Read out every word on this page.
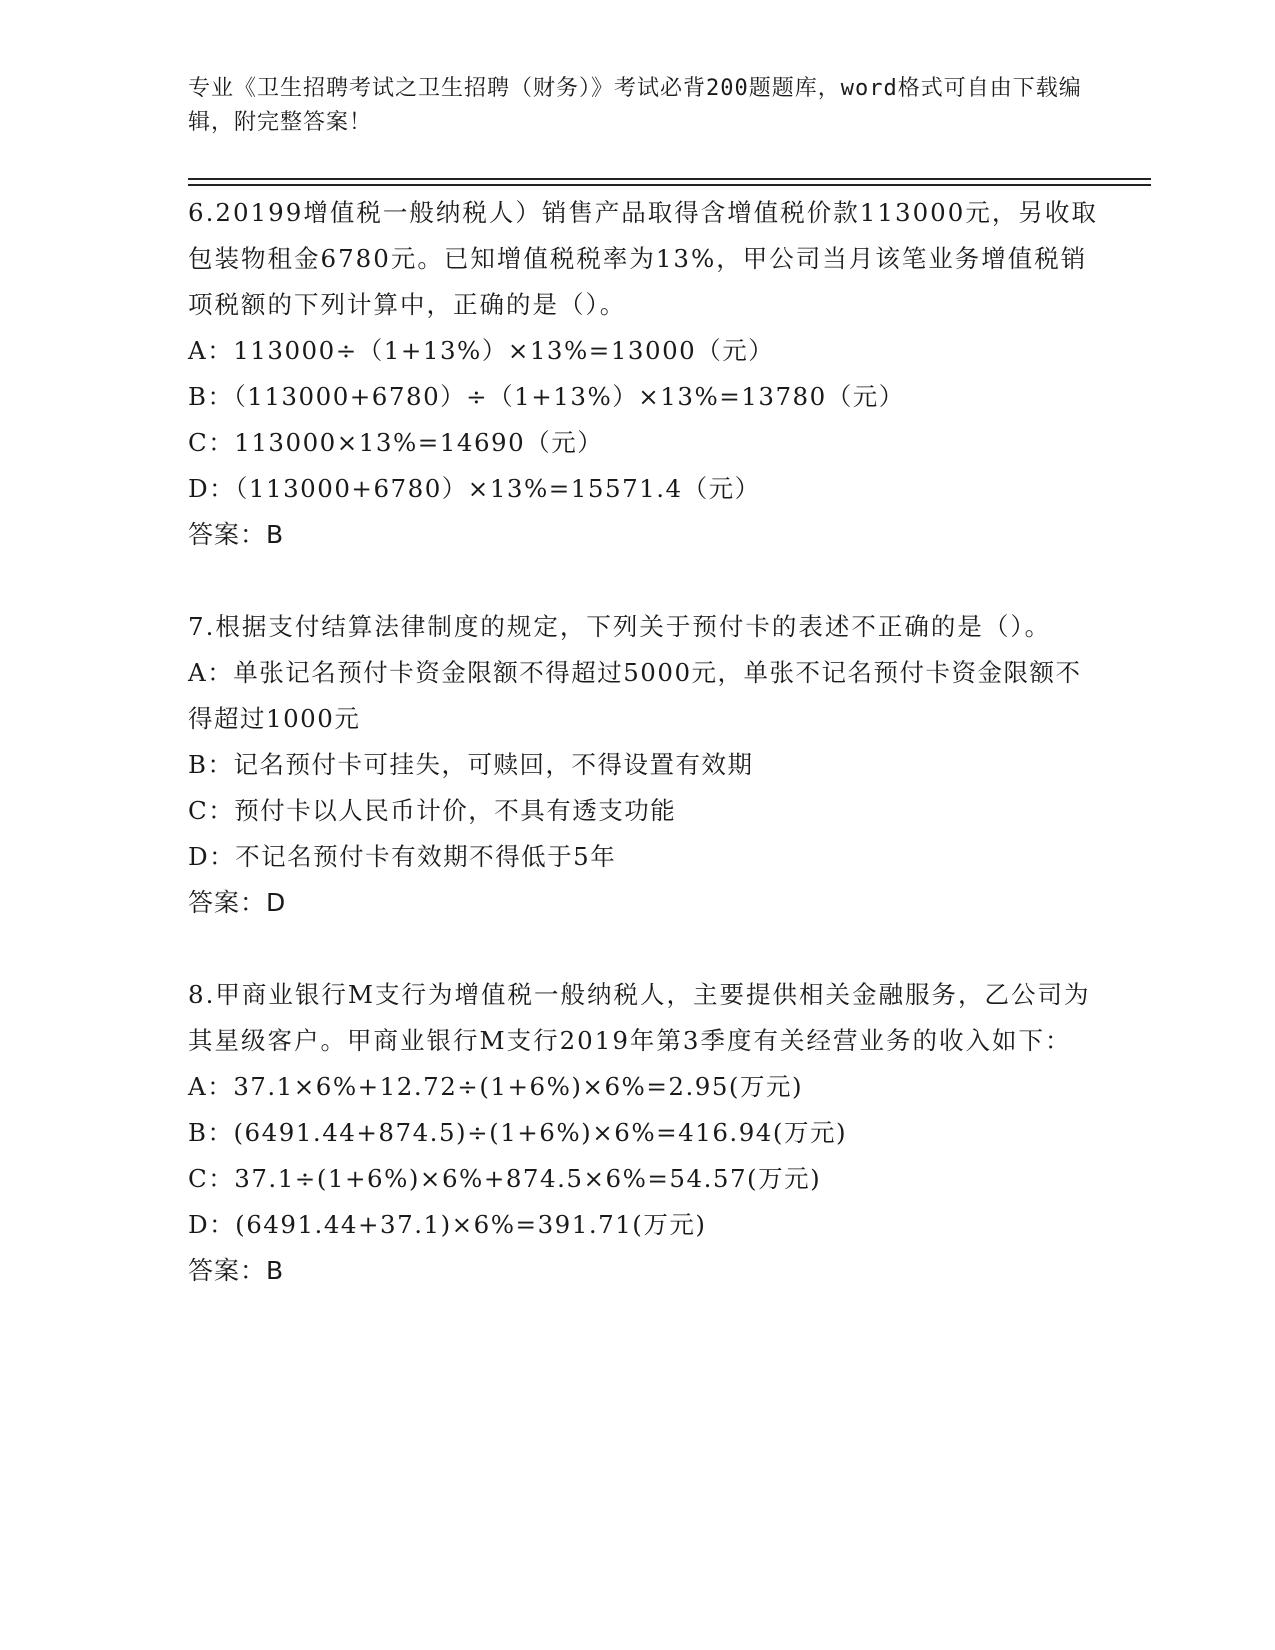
专业《卫生招聘考试之卫生招聘（财务）》考试必背200题题库，word格式可自由下载编辑，附完整答案！

6.20199增值税一般纳税人）销售产品取得含增值税价款113000元，另收取包装物租金6780元。已知增值税税率为13%，甲公司当月该笔业务增值税销项税额的下列计算中，正确的是（）。

A：113000÷（1+13%）×13%=13000（元）

B：（113000+6780）÷（1+13%）×13%=13780（元）

C：113000×13%=14690（元）

D：（113000+6780）×13%=15571.4（元）

答案：B

7.根据支付结算法律制度的规定，下列关于预付卡的表述不正确的是（）。

A：单张记名预付卡资金限额不得超过5000元，单张不记名预付卡资金限额不得超过1000元

B：记名预付卡可挂失，可赎回，不得设置有效期

C：预付卡以人民币计价，不具有透支功能

D：不记名预付卡有效期不得低于5年

答案：D

8.甲商业银行M支行为增值税一般纳税人，主要提供相关金融服务，乙公司为其星级客户。甲商业银行M支行2019年第3季度有关经营业务的收入如下：

A：37.1×6%+12.72÷(1+6%)×6%=2.95(万元)

B：(6491.44+874.5)÷(1+6%)×6%=416.94(万元)

C：37.1÷(1+6%)×6%+874.5×6%=54.57(万元)

D：(6491.44+37.1)×6%=391.71(万元)

答案：B
